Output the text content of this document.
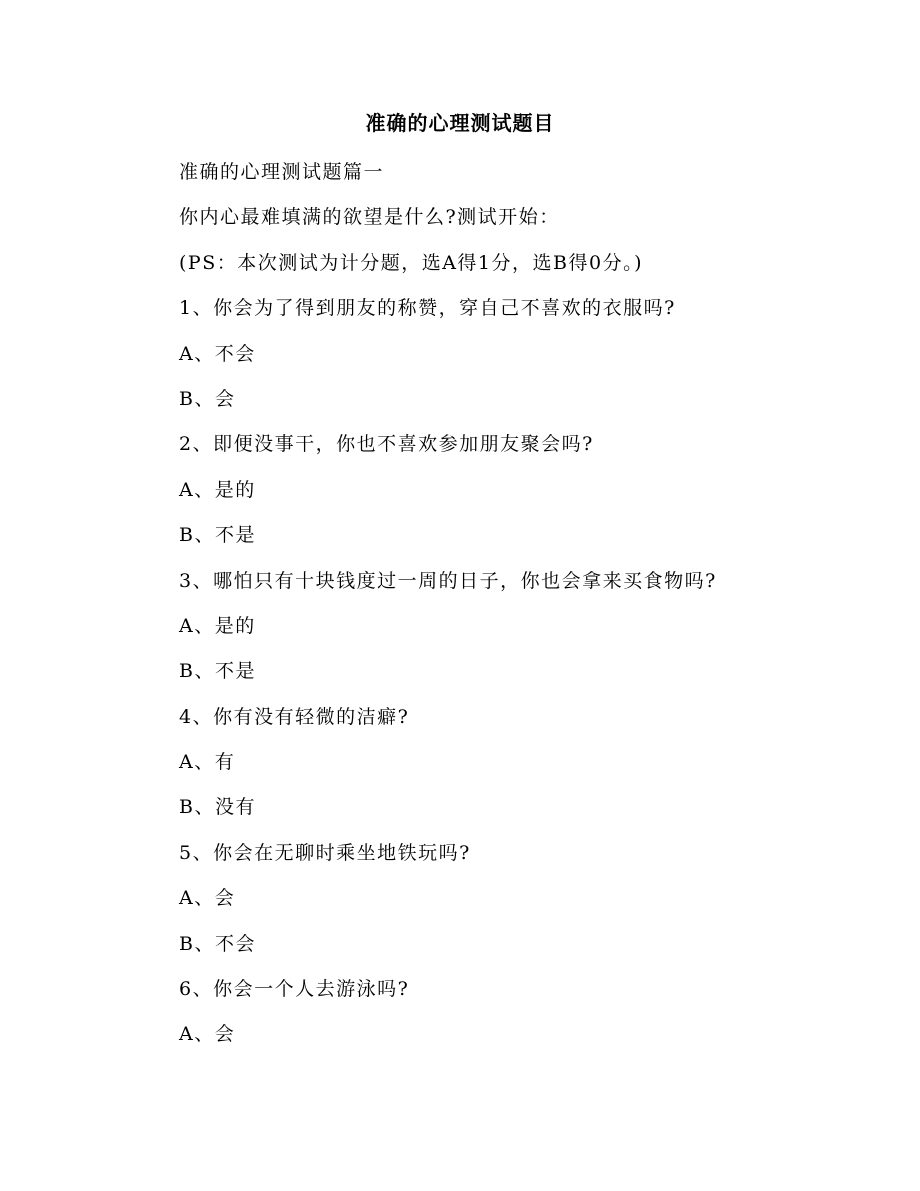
准确的心理测试题目
准确的心理测试题篇一
你内心最难填满的欲望是什么?测试开始：
(PS：本次测试为计分题，选A得1分，选B得0分。)
1、你会为了得到朋友的称赞，穿自己不喜欢的衣服吗?
A、不会
B、会
2、即便没事干，你也不喜欢参加朋友聚会吗?
A、是的
B、不是
3、哪怕只有十块钱度过一周的日子，你也会拿来买食物吗?
A、是的
B、不是
4、你有没有轻微的洁癖?
A、有
B、没有
5、你会在无聊时乘坐地铁玩吗?
A、会
B、不会
6、你会一个人去游泳吗?
A、会
